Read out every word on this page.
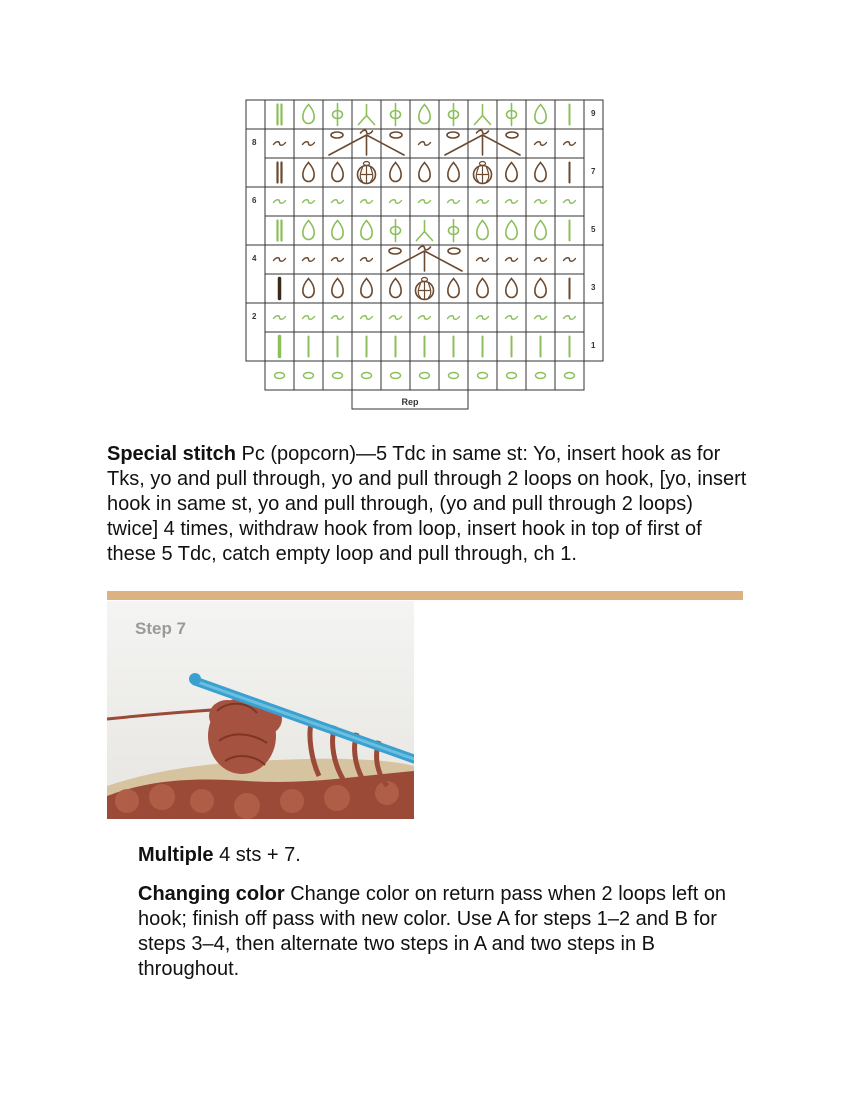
8
6
4
2
9
7
5
3
1
Rep

Special stitch Pc (popcorn)—5 Tdc in same st: Yo, insert hook as for Tks, yo and pull through, yo and pull through 2 loops on hook, [yo, insert hook in same st, yo and pull through, (yo and pull through 2 loops) twice] 4 times, withdraw hook from loop, insert hook in top of first of these 5 Tdc, catch empty loop and pull through, ch 1.

Step 7

Multiple 4 sts + 7.

Changing color Change color on return pass when 2 loops left on hook; finish off pass with new color. Use A for steps 1–2 and B for steps 3–4, then alternate two steps in A and two steps in B throughout.
